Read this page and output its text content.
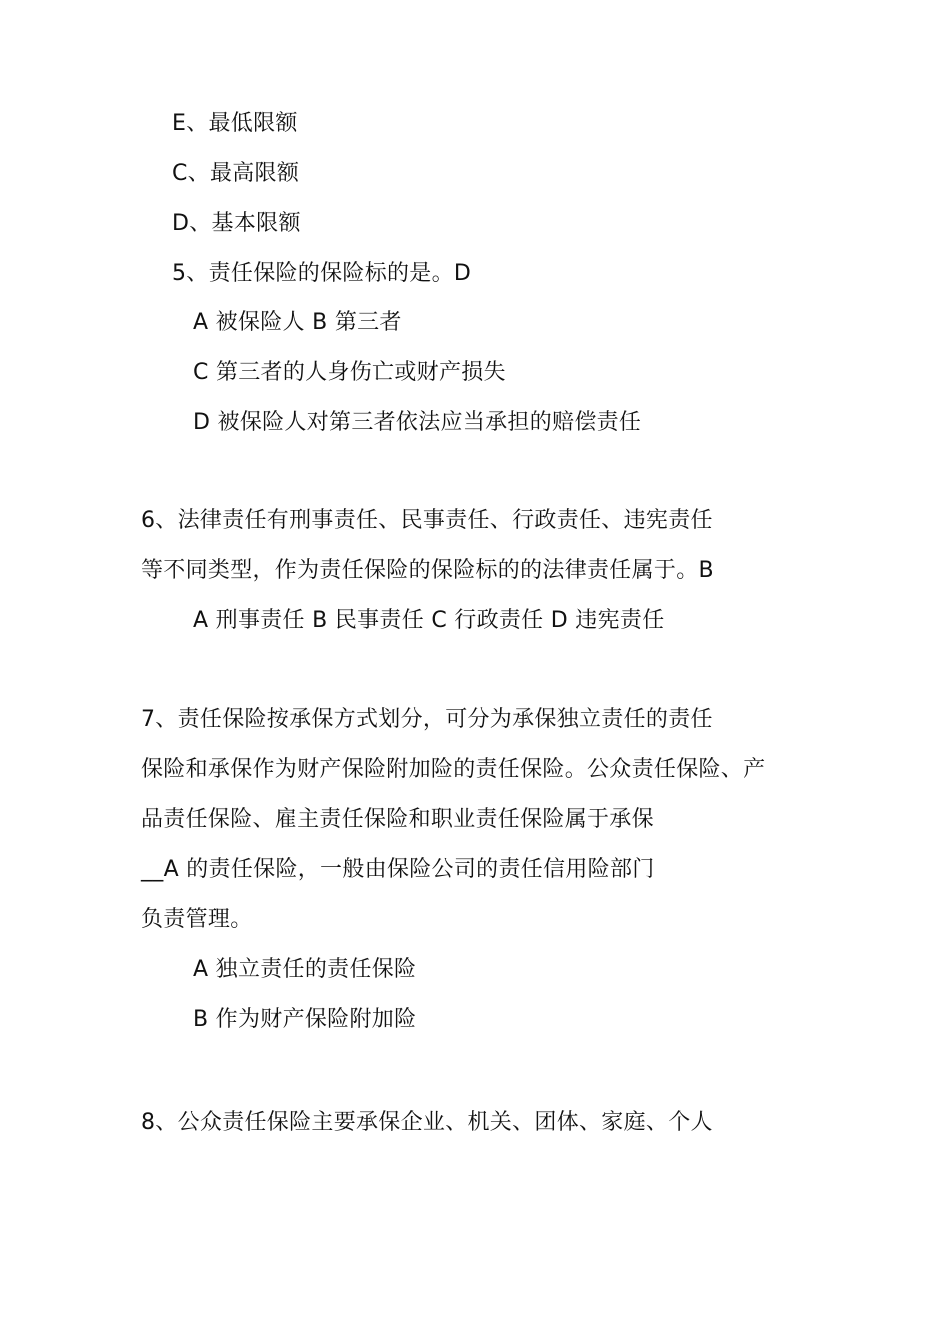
E、最低限额
C、最高限额
D、基本限额
5、责任保险的保险标的是。D
A 被保险人 B 第三者
C 第三者的人身伤亡或财产损失
D 被保险人对第三者依法应当承担的赔偿责任
6、法律责任有刑事责任、民事责任、行政责任、违宪责任
等不同类型，作为责任保险的保险标的的法律责任属于。B
A 刑事责任 B 民事责任 C 行政责任 D 违宪责任
7、责任保险按承保方式划分，可分为承保独立责任的责任
保险和承保作为财产保险附加险的责任保险。公众责任保险、产
品责任保险、雇主责任保险和职业责任保险属于承保
__A 的责任保险，一般由保险公司的责任信用险部门
负责管理。
A 独立责任的责任保险
B 作为财产保险附加险
8、公众责任保险主要承保企业、机关、团体、家庭、个人
